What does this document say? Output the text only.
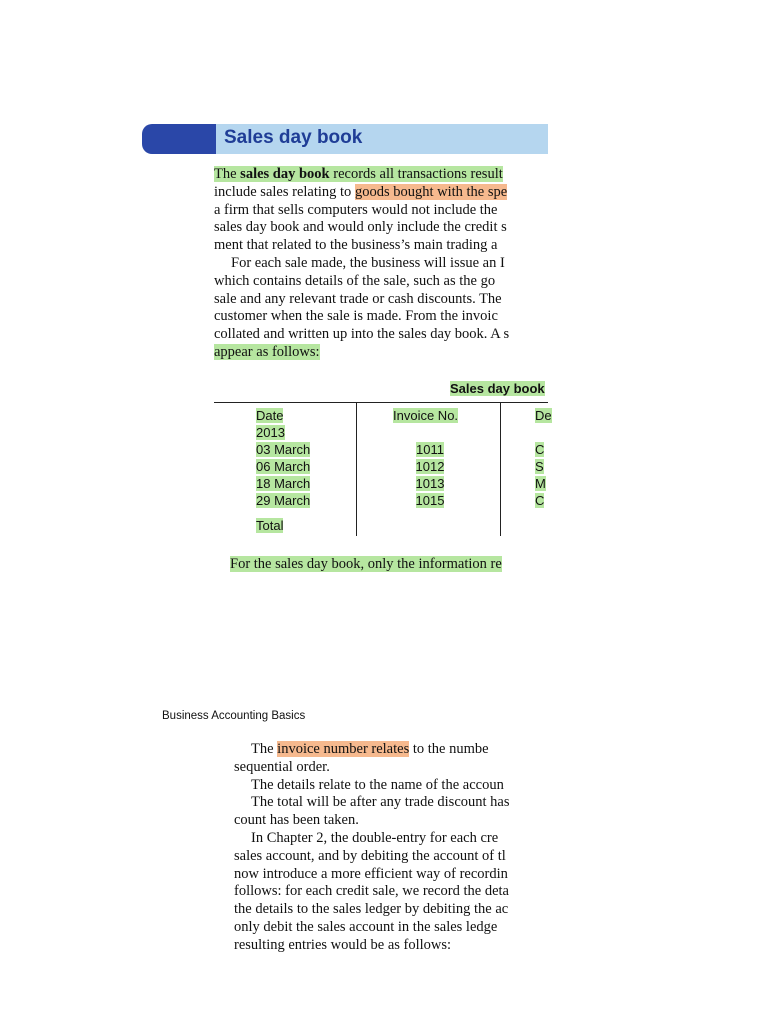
Sales day book
The sales day book records all transactions result
include sales relating to goods bought with the spe
a firm that sells computers would not include the
sales day book and would only include the credit s
ment that related to the business’s main trading a
For each sale made, the business will issue an I
which contains details of the sale, such as the go
sale and any relevant trade or cash discounts. The
customer when the sale is made. From the invoic
collated and written up into the sales day book. A s
appear as follows:
Sales day book
Date	Invoice No.	De
2013
03 March	1011	C
06 March	1012	S
18 March	1013	M
29 March	1015	C
Total
For the sales day book, only the information re
Business Accounting Basics
The invoice number relates to the numbe
sequential order.
The details relate to the name of the accoun
The total will be after any trade discount has
count has been taken.
In Chapter 2, the double-entry for each cre
sales account, and by debiting the account of tl
now introduce a more efficient way of recordin
follows: for each credit sale, we record the deta
the details to the sales ledger by debiting the ac
only debit the sales account in the sales ledge
resulting entries would be as follows:
